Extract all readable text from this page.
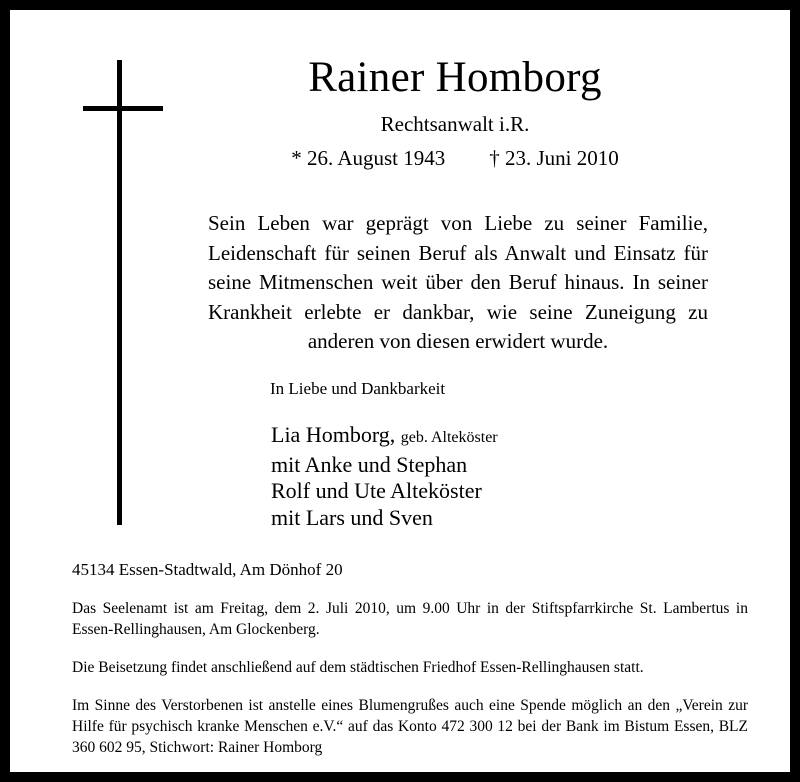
Rainer Homborg
Rechtsanwalt i.R.
* 26. August 1943 † 23. Juni 2010

Sein Leben war geprägt von Liebe zu seiner Familie, Leidenschaft für seinen Beruf als Anwalt und Einsatz für seine Mitmenschen weit über den Beruf hinaus. In seiner Krankheit erlebte er dankbar, wie seine Zuneigung zu anderen von diesen erwidert wurde.

In Liebe und Dankbarkeit
Lia Homborg, geb. Alteköster
mit Anke und Stephan
Rolf und Ute Alteköster
mit Lars und Sven
45134 Essen-Stadtwald, Am Dönhof 20
Das Seelenamt ist am Freitag, dem 2. Juli 2010, um 9.00 Uhr in der Stiftspfarrkirche St. Lambertus in Essen-Rellinghausen, Am Glockenberg.
Die Beisetzung findet anschließend auf dem städtischen Friedhof Essen-Rellinghausen statt.
Im Sinne des Verstorbenen ist anstelle eines Blumengrußes auch eine Spende möglich an den „Verein zur Hilfe für psychisch kranke Menschen e.V.“ auf das Konto 472 300 12 bei der Bank im Bistum Essen, BLZ 360 602 95, Stichwort: Rainer Homborg
